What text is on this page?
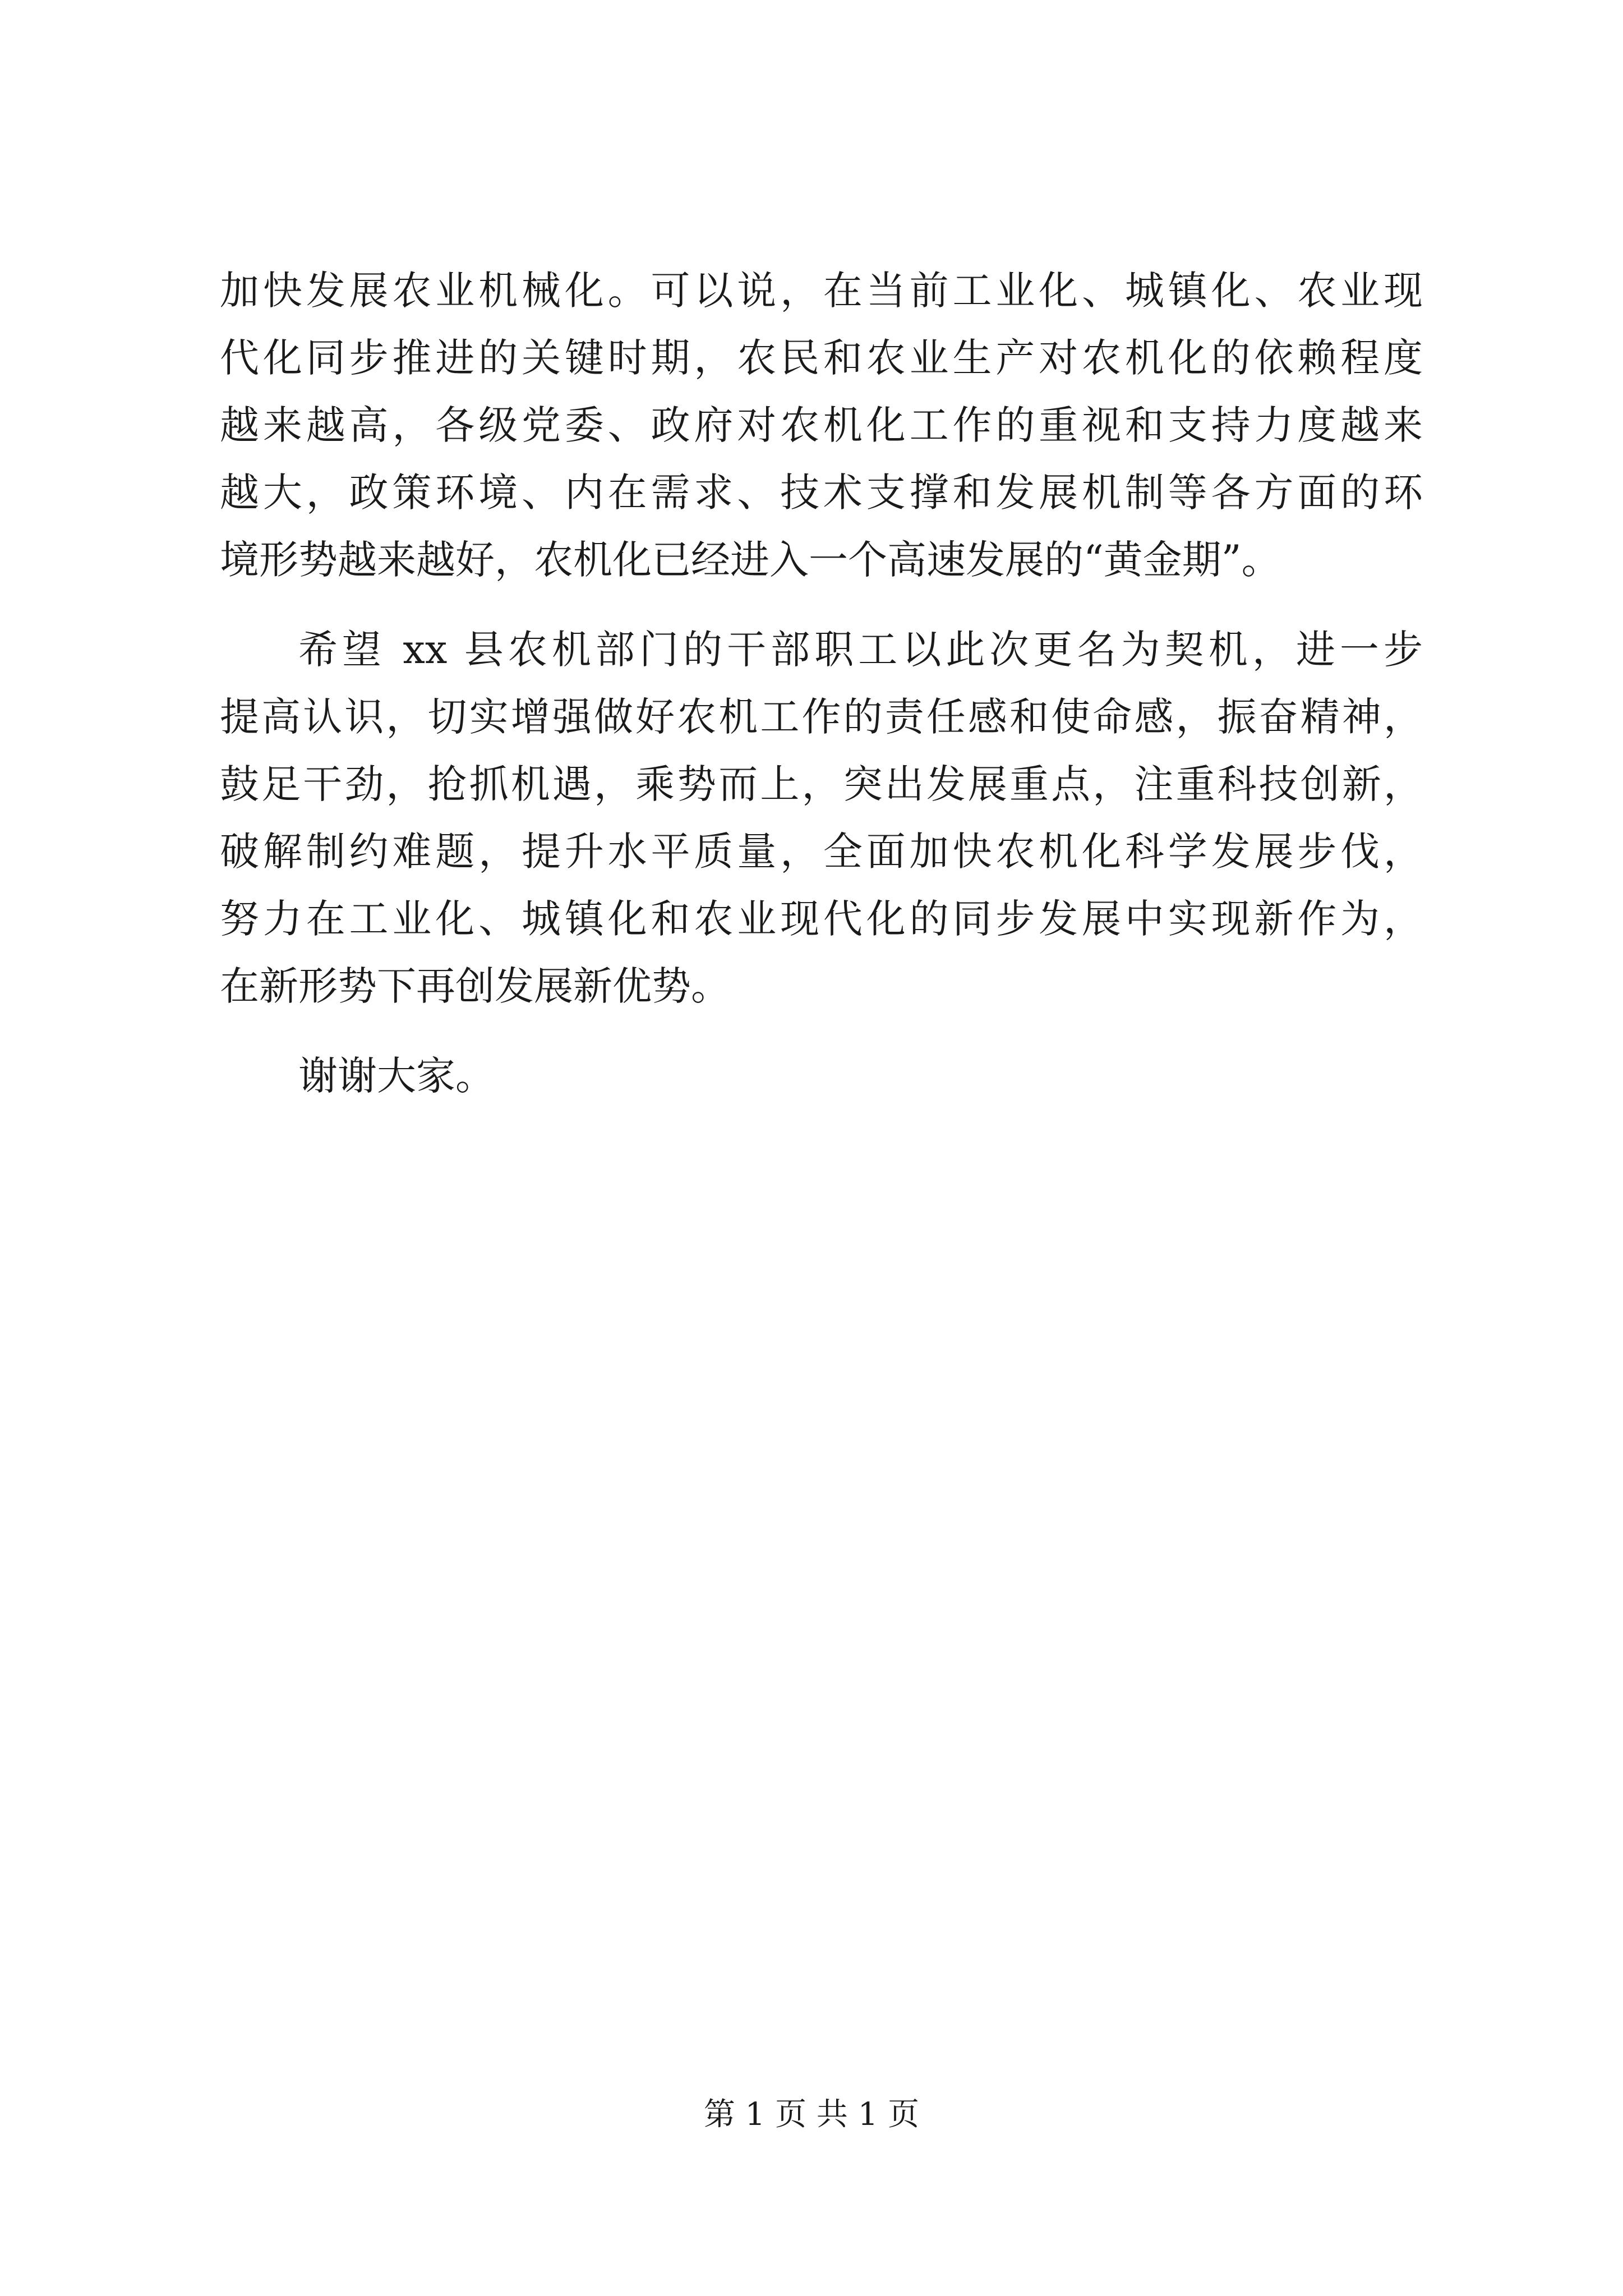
加快发展农业机械化。可以说，在当前工业化、城镇化、农业现
代化同步推进的关键时期，农民和农业生产对农机化的依赖程度
越来越高，各级党委、政府对农机化工作的重视和支持力度越来
越大，政策环境、内在需求、技术支撑和发展机制等各方面的环
境形势越来越好，农机化已经进入一个高速发展的“黄金期”。
希望 xx 县农机部门的干部职工以此次更名为契机，进一步
提高认识，切实增强做好农机工作的责任感和使命感，振奋精神，
鼓足干劲，抢抓机遇，乘势而上，突出发展重点，注重科技创新，
破解制约难题，提升水平质量，全面加快农机化科学发展步伐，
努力在工业化、城镇化和农业现代化的同步发展中实现新作为，
在新形势下再创发展新优势。
谢谢大家。
第 1 页 共 1 页
